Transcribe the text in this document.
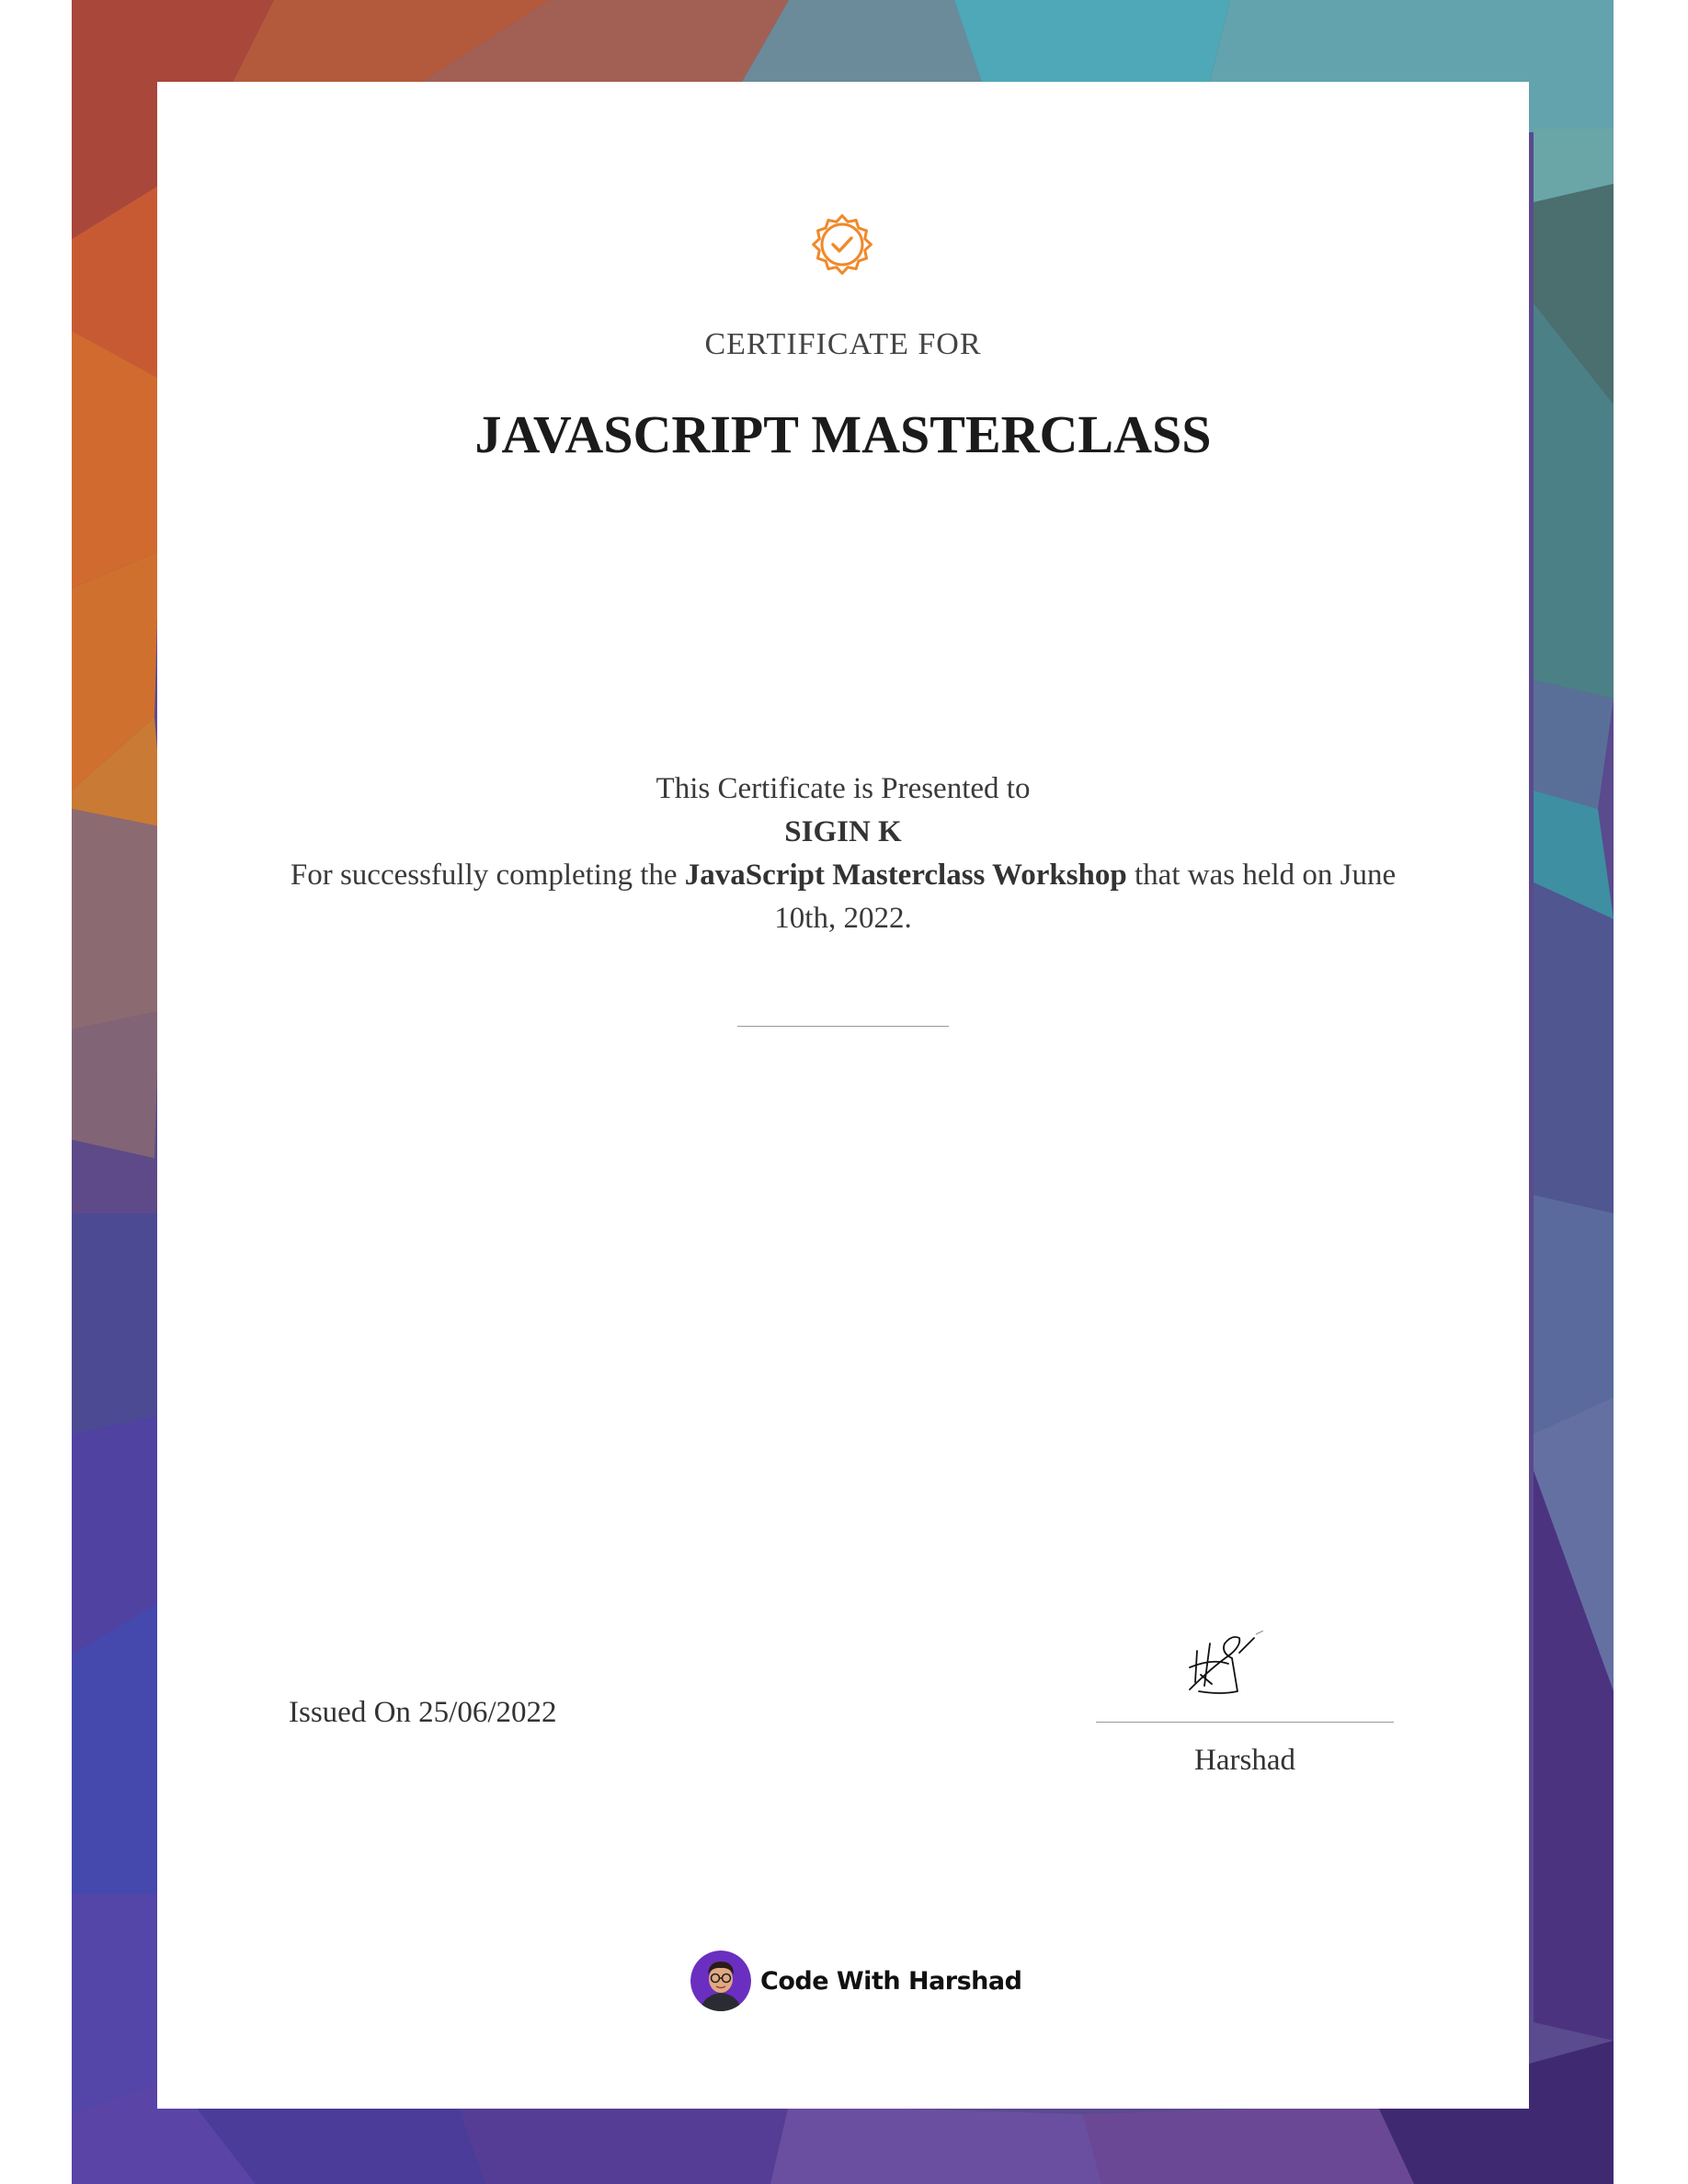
CERTIFICATE FOR
JAVASCRIPT MASTERCLASS
This Certificate is Presented to
SIGIN K
For successfully completing the JavaScript Masterclass Workshop that was held on June 10th, 2022.
Issued On 25/06/2022
Harshad
Code With Harshad
